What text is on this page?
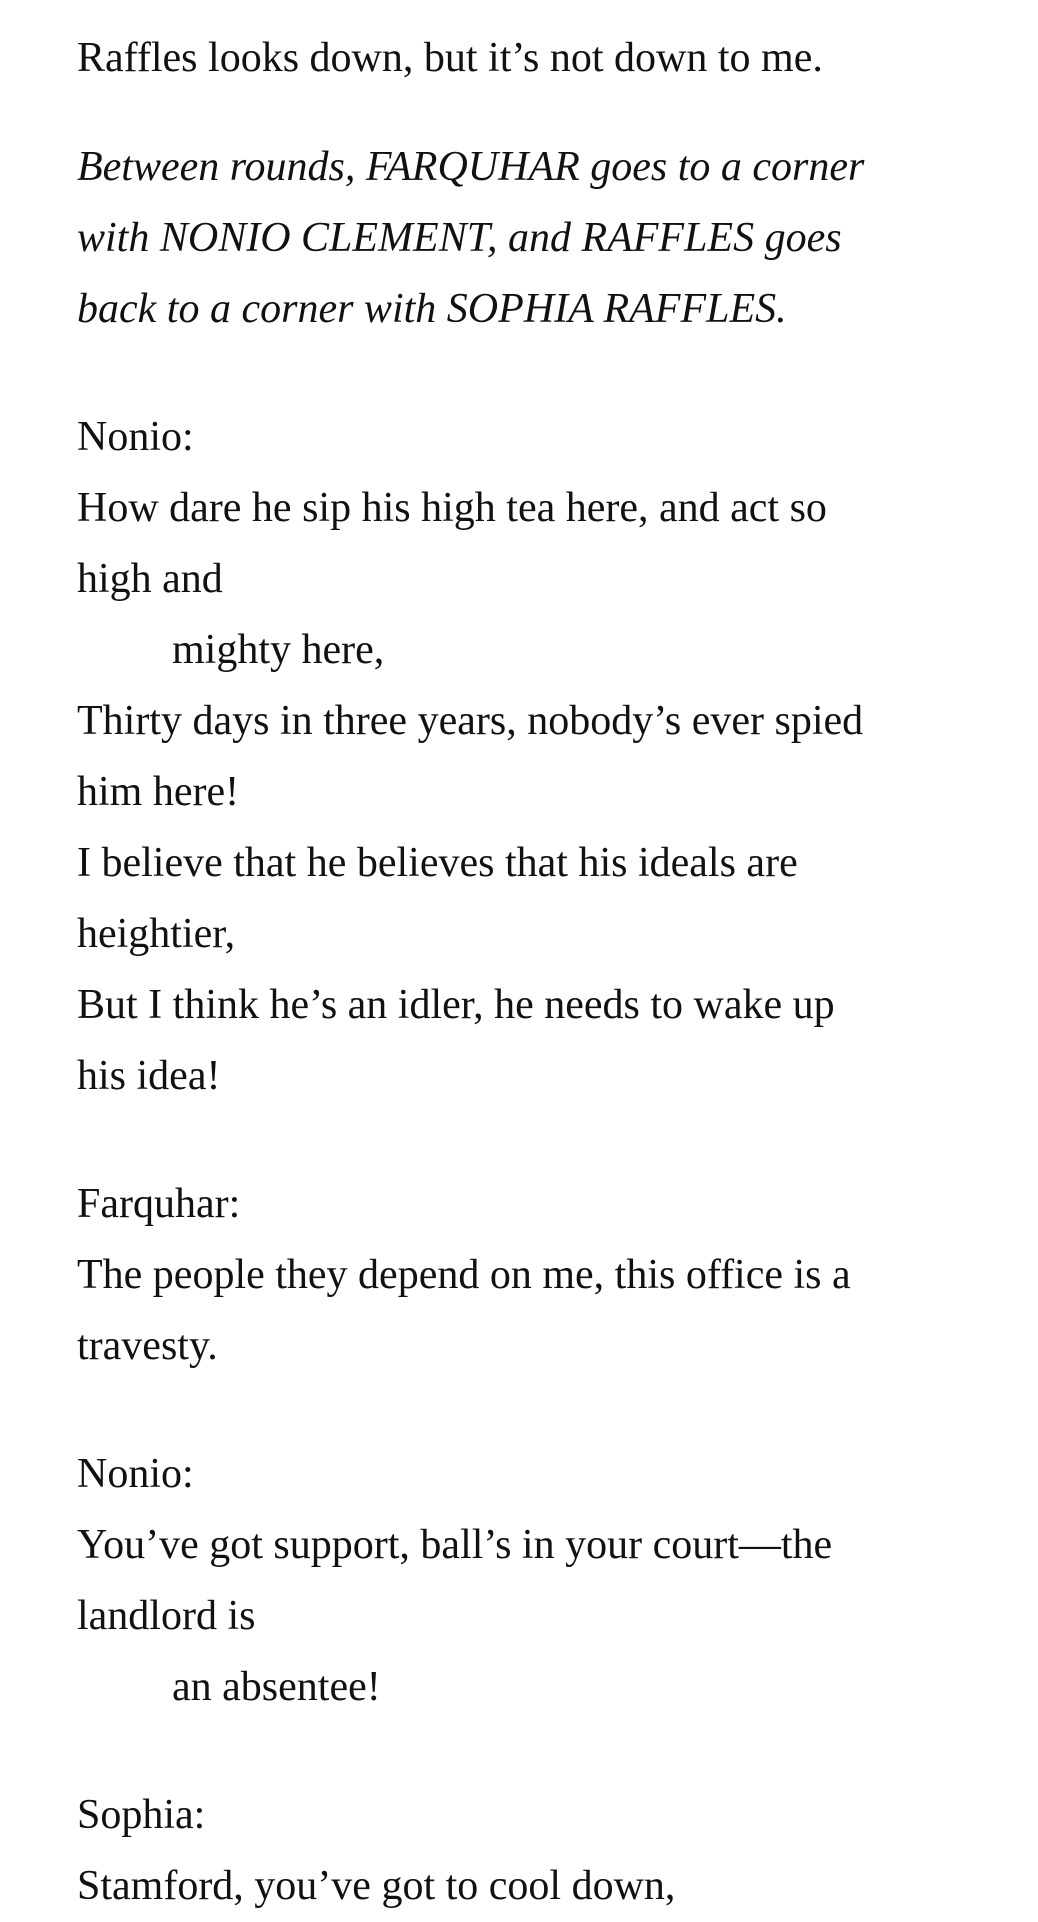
Raffles looks down, but it’s not down to me.

Between rounds, FARQUHAR goes to a corner

with NONIO CLEMENT, and RAFFLES goes

back to a corner with SOPHIA RAFFLES.

Nonio:

How dare he sip his high tea here, and act so

high and

mighty here,

Thirty days in three years, nobody’s ever spied

him here!

I believe that he believes that his ideals are

heightier,

But I think he’s an idler, he needs to wake up

his idea!

Farquhar:

The people they depend on me, this office is a

travesty.

Nonio:

You’ve got support, ball’s in your court—the

landlord is

an absentee!

Sophia:

Stamford, you’ve got to cool down,
